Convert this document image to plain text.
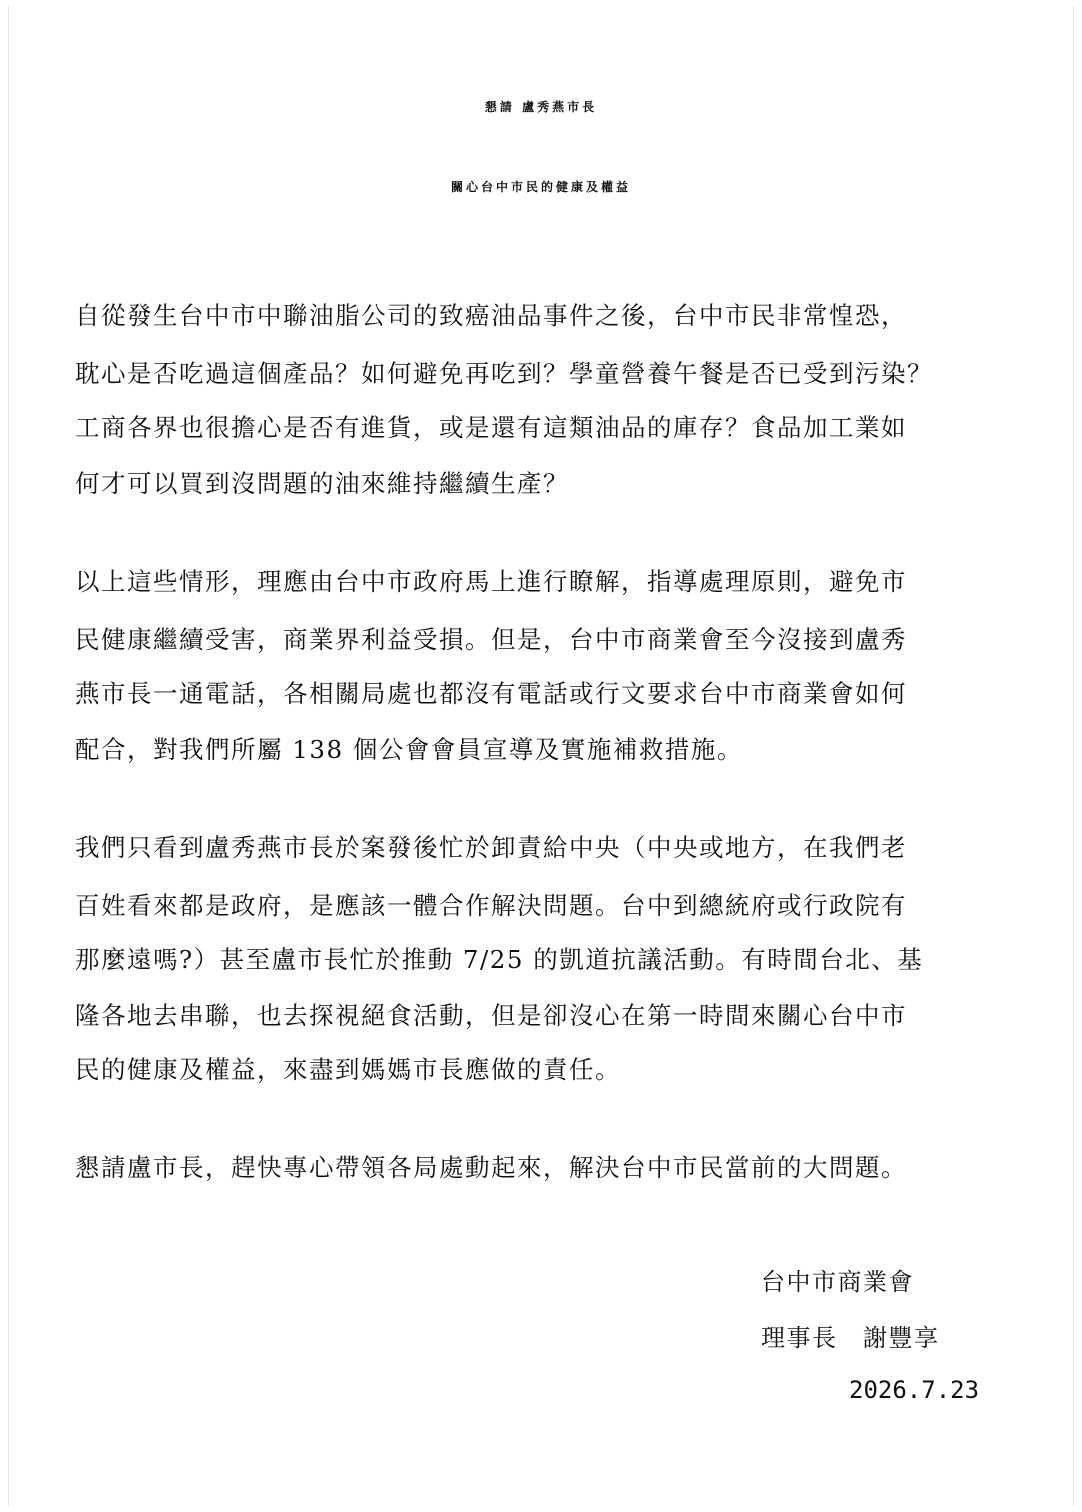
懇請 盧秀燕市長
關心台中市民的健康及權益
自從發生台中市中聯油脂公司的致癌油品事件之後，台中市民非常惶恐，
耽心是否吃過這個產品？如何避免再吃到？學童營養午餐是否已受到污染？
工商各界也很擔心是否有進貨，或是還有這類油品的庫存？食品加工業如
何才可以買到沒問題的油來維持繼續生產？
以上這些情形，理應由台中市政府馬上進行瞭解，指導處理原則，避免市
民健康繼續受害，商業界利益受損。但是，台中市商業會至今沒接到盧秀
燕市長一通電話，各相關局處也都沒有電話或行文要求台中市商業會如何
配合，對我們所屬 138 個公會會員宣導及實施補救措施。
我們只看到盧秀燕市長於案發後忙於卸責給中央（中央或地方，在我們老
百姓看來都是政府，是應該一體合作解決問題。台中到總統府或行政院有
那麼遠嗎?）甚至盧市長忙於推動 7/25 的凱道抗議活動。有時間台北、基
隆各地去串聯，也去探視絕食活動，但是卻沒心在第一時間來關心台中市
民的健康及權益，來盡到媽媽市長應做的責任。
懇請盧市長，趕快專心帶領各局處動起來，解決台中市民當前的大問題。
台中市商業會
理事長　謝豐享
2026.7.23
